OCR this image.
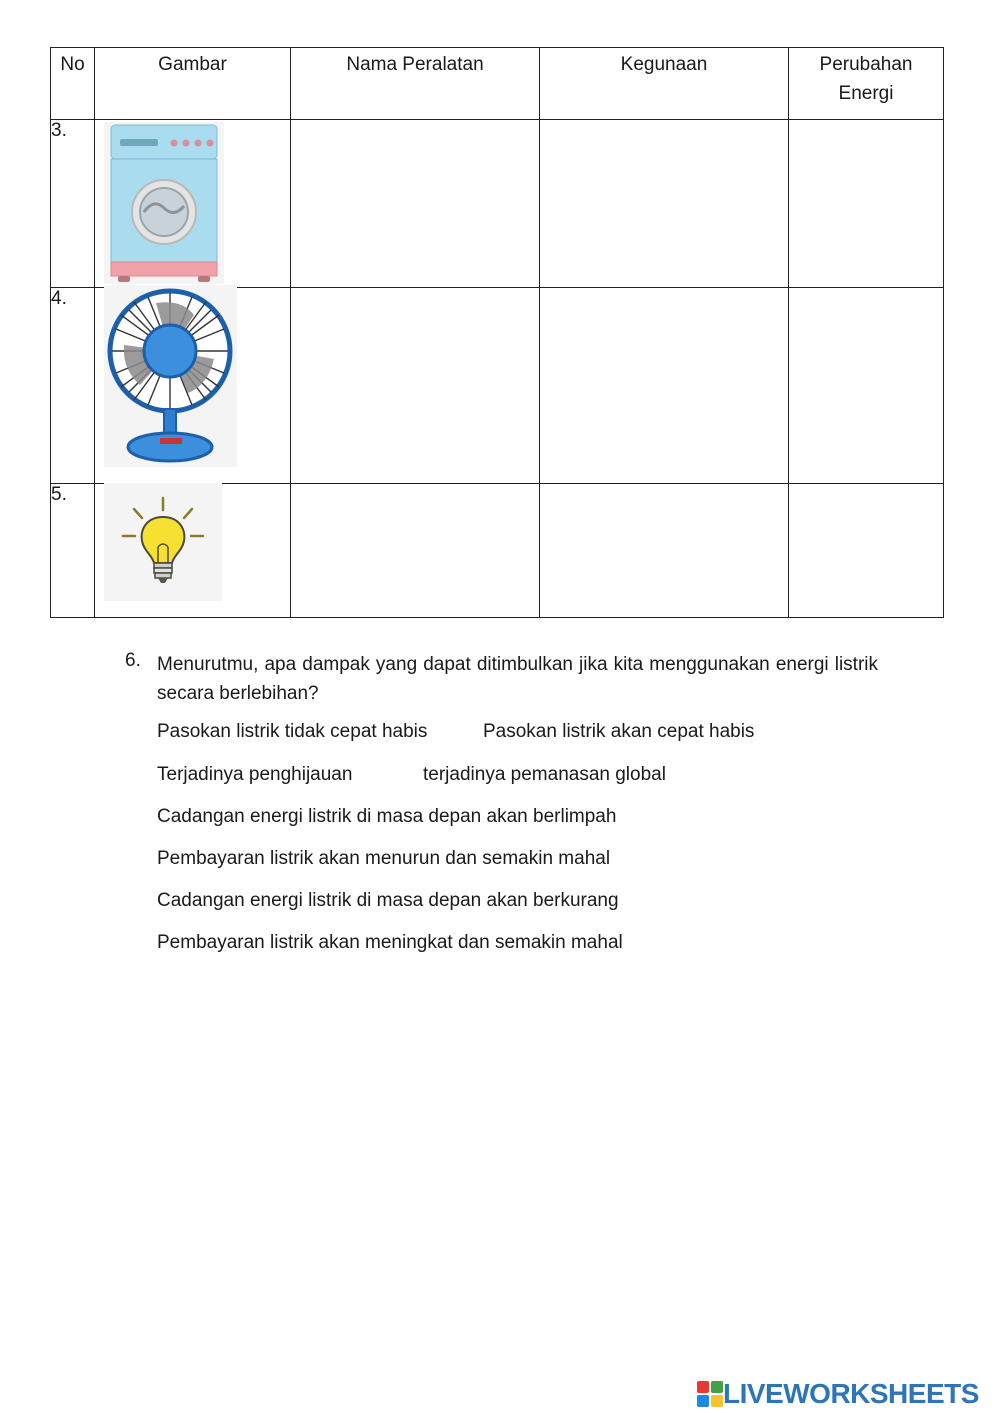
No	Gambar	Nama Peralatan	Kegunaan	Perubahan
Energi
3.	

4.	

5.	

6. Menurutmu, apa dampak yang dapat ditimbulkan jika kita menggunakan energi listrik secara berlebihan?
Pasokan listrik tidak cepat habis	Pasokan listrik akan cepat habis
Terjadinya penghijauan	terjadinya pemanasan global
Cadangan energi listrik di masa depan akan berlimpah
Pembayaran listrik akan menurun dan semakin mahal
Cadangan energi listrik di masa depan akan berkurang
Pembayaran listrik akan meningkat dan semakin mahal
LIVEWORKSHEETS
